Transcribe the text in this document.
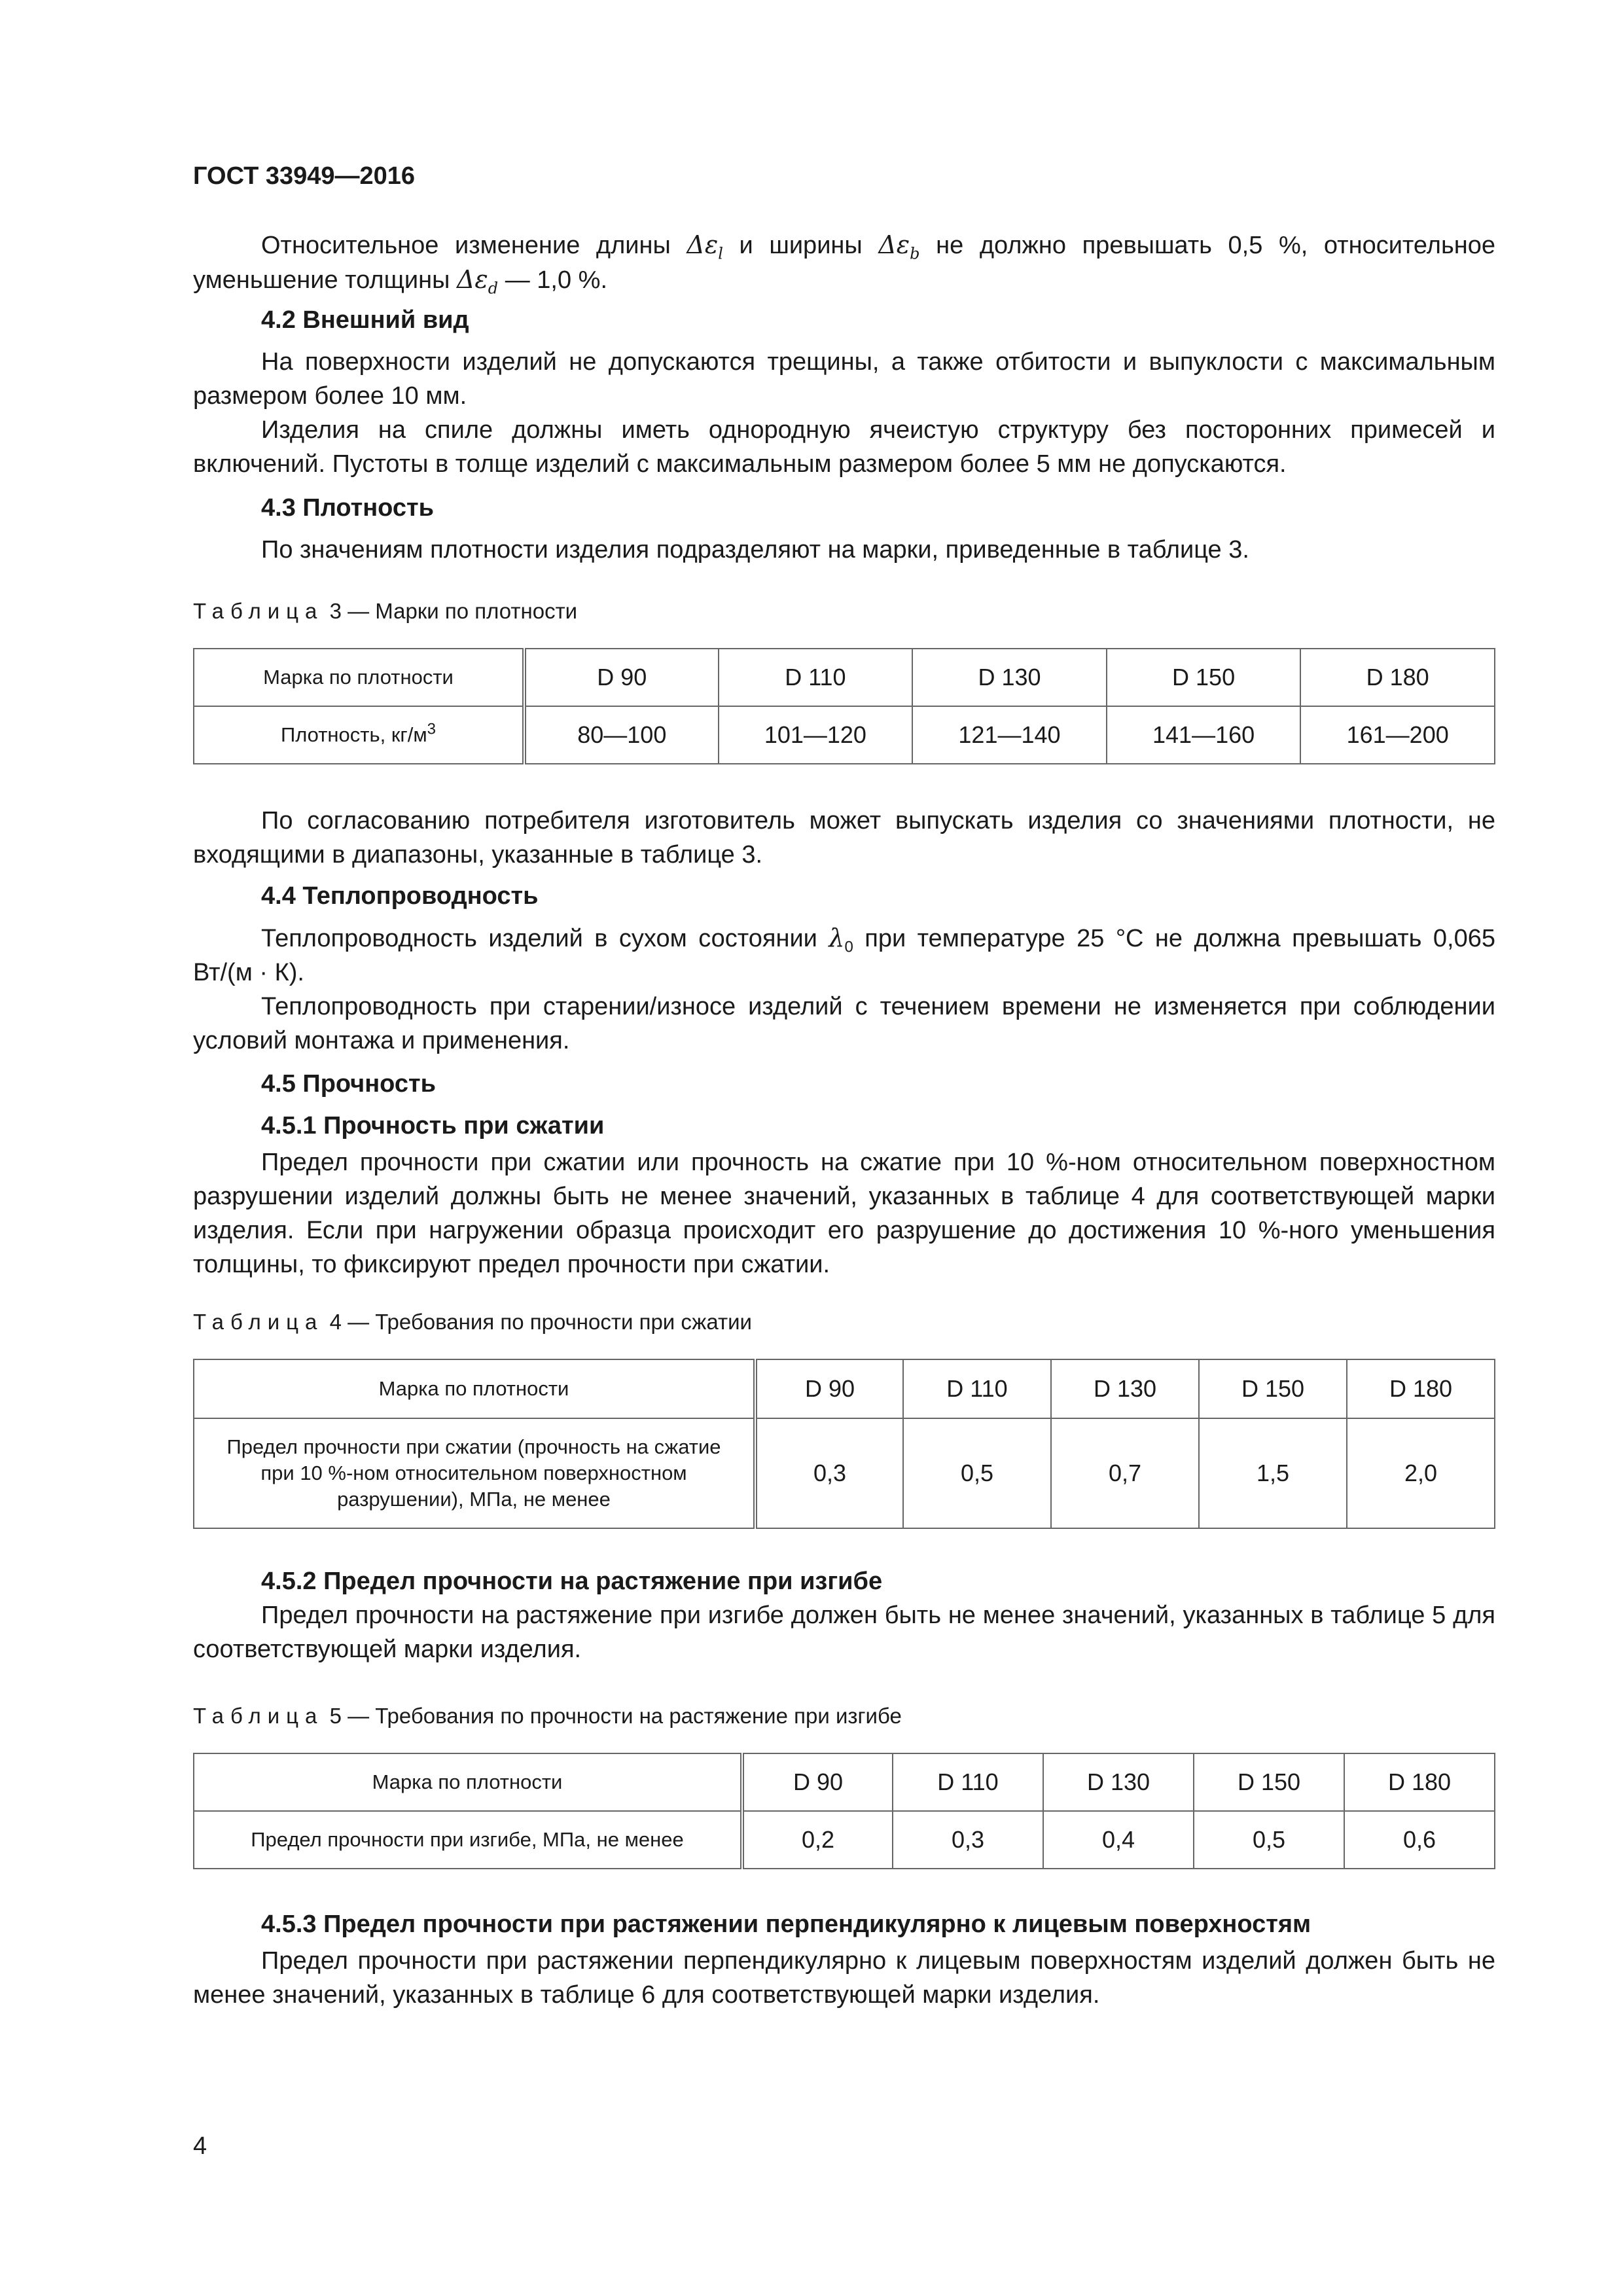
ГОСТ 33949—2016

Относительное изменение длины $\Delta\varepsilon_l$ и ширины $\Delta\varepsilon_b$ не должно превышать 0,5 %, относительное уменьшение толщины $\Delta\varepsilon_d$ — 1,0 %.

4.2 Внешний вид

На поверхности изделий не допускаются трещины, а также отбитости и выпуклости с максимальным размером более 10 мм.

Изделия на спиле должны иметь однородную ячеистую структуру без посторонних примесей и включений. Пустоты в толще изделий с максимальным размером более 5 мм не допускаются.

4.3 Плотность

По значениям плотности изделия подразделяют на марки, приведенные в таблице 3.

Таблица 3 — Марки по плотности
Марка по плотности	D 90	D 110	D 130	D 150	D 180
Плотность, $кг/м^3$	80—100	101—120	121—140	141—160	161—200

По согласованию потребителя изготовитель может выпускать изделия со значениями плотности, не входящими в диапазоны, указанные в таблице 3.

4.4 Теплопроводность

Теплопроводность изделий в сухом состоянии $\lambda_0$ при температуре 25 °С не должна превышать 0,065 Вт/(м · К).

Теплопроводность при старении/износе изделий с течением времени не изменяется при соблюдении условий монтажа и применения.

4.5 Прочность
4.5.1 Прочность при сжатии

Предел прочности при сжатии или прочность на сжатие при 10 %-ном относительном поверхностном разрушении изделий должны быть не менее значений, указанных в таблице 4 для соответствующей марки изделия. Если при нагружении образца происходит его разрушение до достижения 10 %-ного уменьшения толщины, то фиксируют предел прочности при сжатии.

Таблица 4 — Требования по прочности при сжатии
Марка по плотности	D 90	D 110	D 130	D 150	D 180
Предел прочности при сжатии (прочность на сжатие при 10 %-ном относительном поверхностном разрушении), МПа, не менее	0,3	0,5	0,7	1,5	2,0
4.5.2 Предел прочности на растяжение при изгибе

Предел прочности на растяжение при изгибе должен быть не менее значений, указанных в таблице 5 для соответствующей марки изделия.

Таблица 5 — Требования по прочности на растяжение при изгибе
Марка по плотности	D 90	D 110	D 130	D 150	D 180
Предел прочности при изгибе, МПа, не менее	0,2	0,3	0,4	0,5	0,6
4.5.3 Предел прочности при растяжении перпендикулярно к лицевым поверхностям

Предел прочности при растяжении перпендикулярно к лицевым поверхностям изделий должен быть не менее значений, указанных в таблице 6 для соответствующей марки изделия.

4
